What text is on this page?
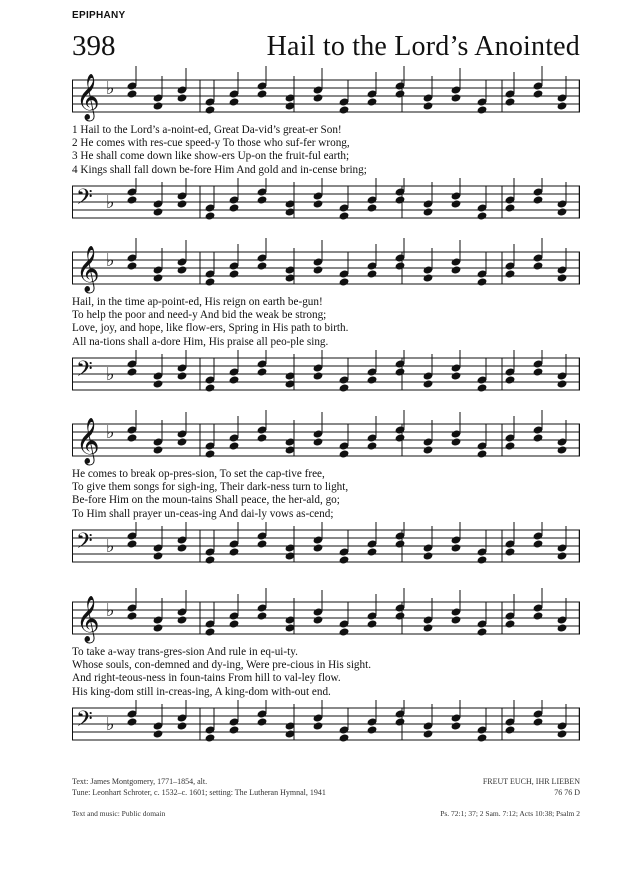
EPIPHANY
398	Hail to the Lord’s Anointed
𝄞 ♭
1 Hail to the Lord’s a-noint-ed, Great Da-vid’s great-er Son!
2 He comes with res-cue speed-y To those who suf-fer wrong,
3 He shall come down like show-ers Up-on the fruit-ful earth;
4 Kings shall fall down be-fore Him And gold and in-cense bring;
𝄢 ♭
𝄞 ♭
Hail, in the time ap-point-ed, His reign on earth be-gun!
To help the poor and need-y And bid the weak be strong;
Love, joy, and hope, like flow-ers, Spring in His path to birth.
All na-tions shall a-dore Him, His praise all peo-ple sing.
𝄢 ♭
𝄞 ♭
He comes to break op-pres-sion, To set the cap-tive free,
To give them songs for sigh-ing, Their dark-ness turn to light,
Be-fore Him on the moun-tains Shall peace, the her-ald, go;
To Him shall prayer un-ceas-ing And dai-ly vows as-cend;
𝄢 ♭
𝄞 ♭
To take a-way trans-gres-sion And rule in eq-ui-ty.
Whose souls, con-demned and dy-ing, Were pre-cious in His sight.
And right-teous-ness in foun-tains From hill to val-ley flow.
His king-dom still in-creas-ing, A king-dom with-out end.
𝄢 ♭
Text: James Montgomery, 1771–1854, alt.	FREUT EUCH, IHR LIEBEN
Tune: Leonhart Schroter, c. 1532–c. 1601; setting: The Lutheran Hymnal, 1941	76 76 D
Text and music: Public domain	Ps. 72:1; 37; 2 Sam. 7:12; Acts 10:38; Psalm 2
